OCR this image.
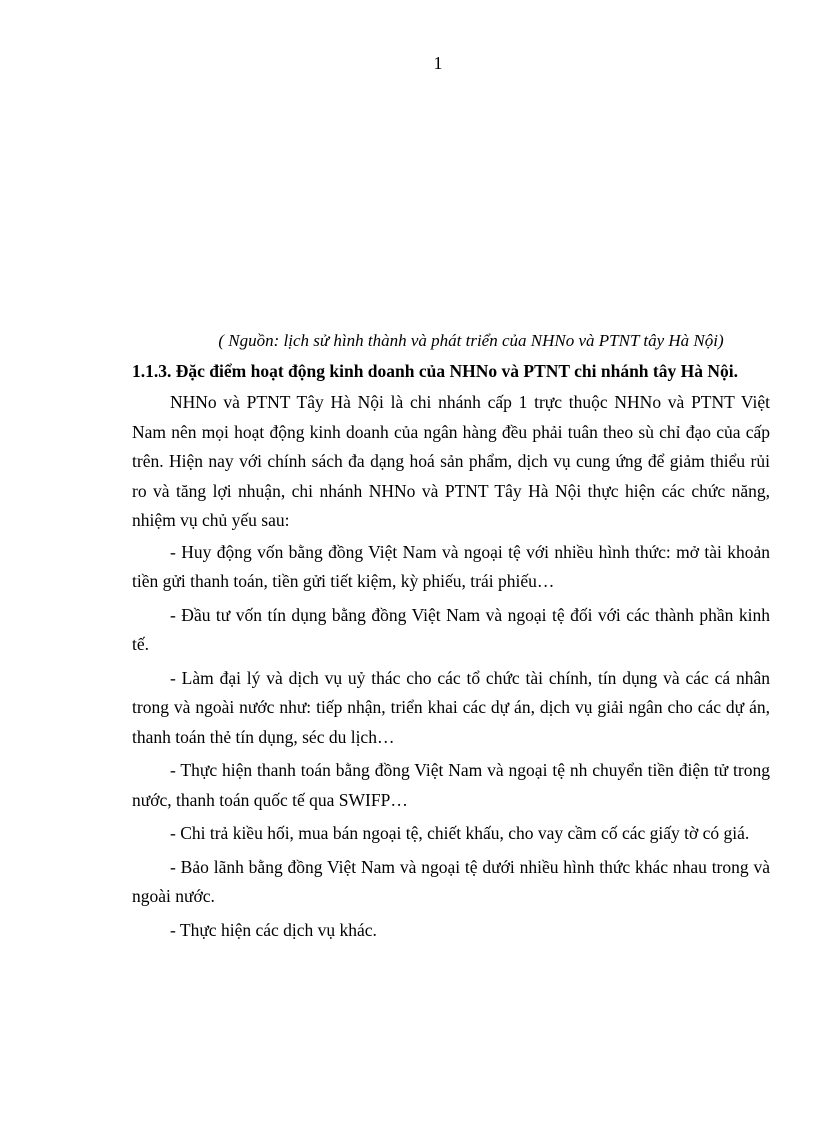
1
( Nguồn: lịch sử hình thành và phát triển của NHNo và PTNT tây Hà Nội)

1.1.3. Đặc điểm hoạt động kinh doanh của NHNo và PTNT chi nhánh tây Hà Nội.

NHNo và PTNT Tây Hà Nội là chi nhánh cấp 1 trực thuộc NHNo và PTNT Việt Nam nên mọi hoạt động kinh doanh của ngân hàng đều phải tuân theo sù chỉ đạo của cấp trên. Hiện nay với chính sách đa dạng hoá sản phẩm, dịch vụ cung ứng để giảm thiểu rủi ro và tăng lợi nhuận, chi nhánh NHNo và PTNT Tây Hà Nội thực hiện các chức năng, nhiệm vụ chủ yếu sau:

- Huy động vốn bằng đồng Việt Nam và ngoại tệ với nhiều hình thức: mở tài khoản tiền gửi thanh toán, tiền gửi tiết kiệm, kỳ phiếu, trái phiếu…

- Đầu tư vốn tín dụng bằng đồng Việt Nam và ngoại tệ đối với các thành phần kinh tế.

- Làm đại lý và dịch vụ uỷ thác cho các tổ chức tài chính, tín dụng và các cá nhân trong và ngoài nước như: tiếp nhận, triển khai các dự án, dịch vụ giải ngân cho các dự án, thanh toán thẻ tín dụng, séc du lịch…

- Thực hiện thanh toán bằng đồng Việt Nam và ngoại tệ nh chuyển tiền điện tử trong nước, thanh toán quốc tế qua SWIFP…

- Chi trả kiều hối, mua bán ngoại tệ, chiết khấu, cho vay cầm cố các giấy tờ có giá.

- Bảo lãnh bằng đồng Việt Nam và ngoại tệ dưới nhiều hình thức khác nhau trong và ngoài nước.

- Thực hiện các dịch vụ khác.
